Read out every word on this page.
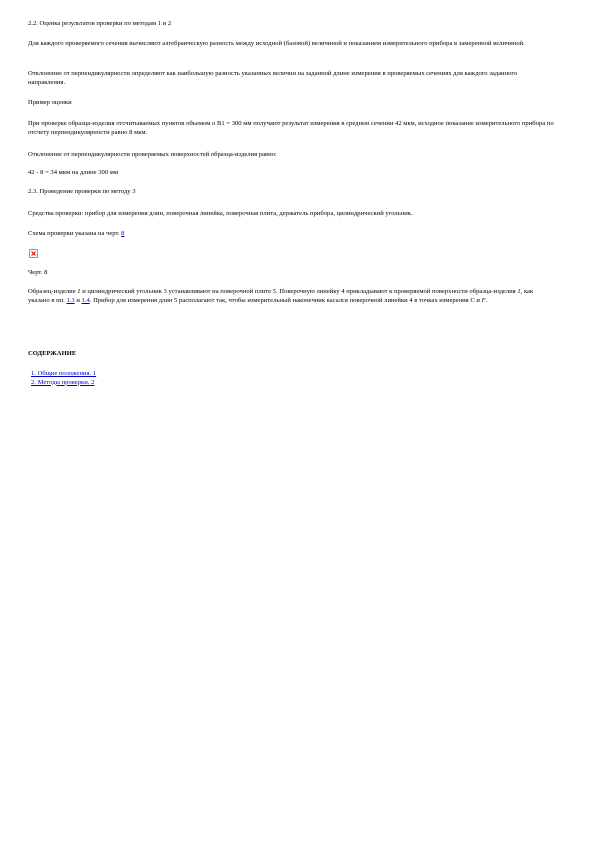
2.2. Оценка результатов проверки по методам 1 и 2

Для каждого проверяемого сечения вычисляют алгебраическую разность между исходной (базовой) величиной и показанием измерительного прибора в замеренной величиной.

Отклонение от перпендикулярности определяют как наибольшую разность указанных величин на заданной длине измерения в проверяемых сечениях для каждого заданного направления.

Пример оценки

При проверке образца-изделия отсчитываемых пунктов объемом o B1 = 300 мм получают результат измерения в среднем сечении 42 мкм, исходное показание измерительного прибора по отсчету перпендикулярности равно 8 мкм.

Отклонение от перпендикулярности проверяемых поверхностей образца-изделия равно:

42 - 8 = 34 мкм на длине 300 мм

2.3. Проведение проверки по методу 3

Средства проверки: прибор для измерения длин, поверочная линейка, поверочная плита, держатель прибора, цилиндрический угольник.

Схема проверки указана на черт. 8

Черт. 8

Образец-изделие 1 и цилиндрический угольник 3 устанавливают на поверочной плите 5. Поверочную линейку 4 прикладывают к проверяемой поверхности образца-изделия 1, как указано в пп. 1.3 и 1.4. Прибор для измерения длин 5 располагают так, чтобы измерительный наконечник касался поверочной линейки 4 в точках измерения C и F.

СОДЕРЖАНИЕ

1. Общие положения. 1
2. Методы проверки. 2
